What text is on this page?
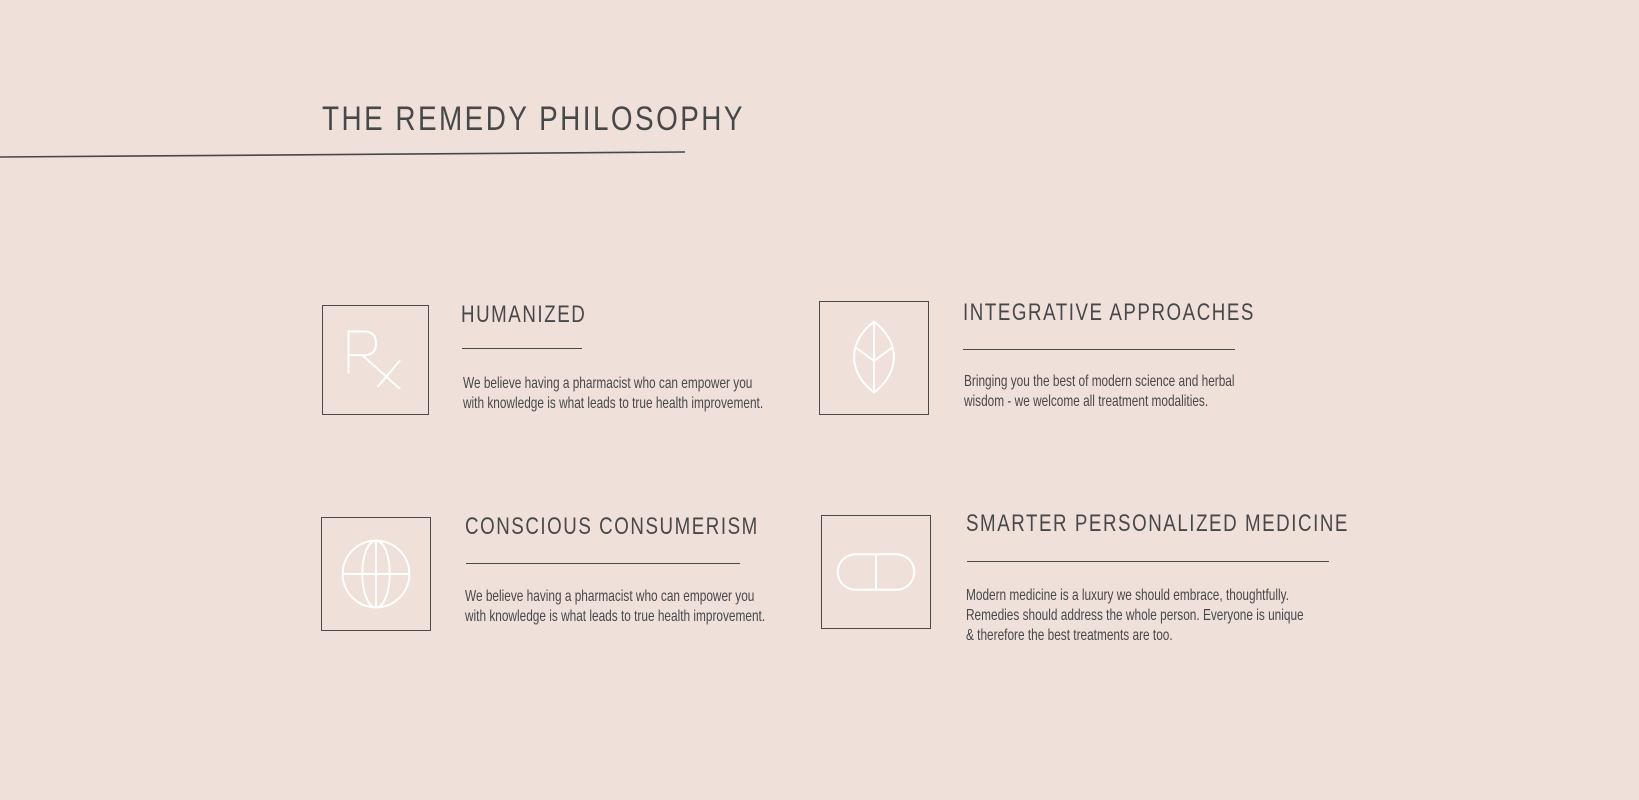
THE REMEDY PHILOSOPHY
HUMANIZED

We believe having a pharmacist who can empower you
with knowledge is what leads to true health improvement.

INTEGRATIVE APPROACHES

Bringing you the best of modern science and herbal
wisdom - we welcome all treatment modalities.

CONSCIOUS CONSUMERISM

We believe having a pharmacist who can empower you
with knowledge is what leads to true health improvement.

SMARTER PERSONALIZED MEDICINE

Modern medicine is a luxury we should embrace, thoughtfully.
Remedies should address the whole person. Everyone is unique
& therefore the best treatments are too.
